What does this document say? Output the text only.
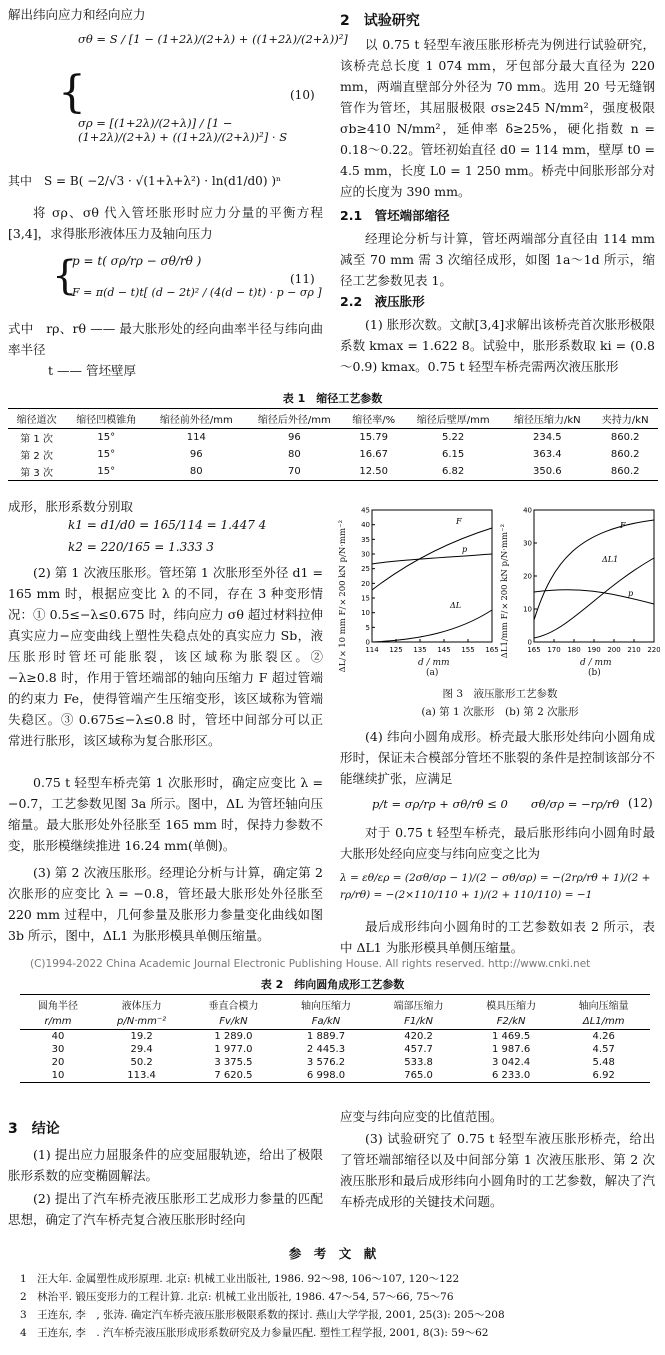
解出纬向应力和经向应力
{
σθ = S / [1 − (1+2λ)/(2+λ) + ((1+2λ)/(2+λ))²]
σρ = [(1+2λ)/(2+λ)] / [1 − (1+2λ)/(2+λ) + ((1+2λ)/(2+λ))²] · S
(10)
其中　S = B( −2/√3 · √(1+λ+λ²) · ln(d1/d0) )ⁿ
将 σρ、σθ 代入管坯胀形时应力分量的平衡方程[3,4]，求得胀形液体压力及轴向压力
{
p = t( σρ/rρ − σθ/rθ )
F = π(d − t)t[ (d − 2t)² / (4(d − t)t) · p − σρ ]
(11)
式中　rρ、rθ —— 最大胀形处的经向曲率半径与纬向曲率半径
t —— 管坯壁厚
2　试验研究
以 0.75 t 轻型车液压胀形桥壳为例进行试验研究，该桥壳总长度 1 074 mm，牙包部分最大直径为 220 mm，两端直壁部分外径为 70 mm。选用 20 号无缝钢管作为管坯，其屈服极限 σs≥245 N/mm²，强度极限 σb≥410 N/mm²，延伸率 δ≥25%，硬化指数 n = 0.18～0.22。管坯初始直径 d0 = 114 mm，壁厚 t0 = 4.5 mm，长度 L0 = 1 250 mm。桥壳中间胀形部分对应的长度为 390 mm。
2.1　管坯端部缩径
经理论分析与计算，管坯两端部分直径由 114 mm 减至 70 mm 需 3 次缩径成形，如图 1a～1d 所示，缩径工艺参数见表 1。
2.2　液压胀形
(1) 胀形次数。文献[3,4]求解出该桥壳首次胀形极限系数 kmax = 1.622 8。试验中，胀形系数取 ki = (0.8～0.9) kmax。0.75 t 轻型车桥壳需两次液压胀形
表 1　缩径工艺参数
缩径道次	缩径凹模锥角	缩径前外径/mm	缩径后外径/mm	缩径率/%	缩径后壁厚/mm	缩径压缩力/kN	夹持力/kN
第 1 次	15°	114	96	15.79	5.22	234.5	860.2
第 2 次	15°	96	80	16.67	6.15	363.4	860.2
第 3 次	15°	80	70	12.50	6.82	350.6	860.2
成形，胀形系数分别取
k1 = d1/d0 = 165/114 = 1.447 4
k2 = 220/165 = 1.333 3
(2) 第 1 次液压胀形。管坯第 1 次胀形至外径 d1 = 165 mm 时，根据应变比 λ 的不同，存在 3 种变形情况：① 0.5≤−λ≤0.675 时，纬向应力 σθ 超过材料拉伸真实应力−应变曲线上塑性失稳点处的真实应力 Sb，液压胀形时管坯可能胀裂，该区域称为胀裂区。② −λ≥0.8 时，作用于管坯端部的轴向压缩力 F 超过管端的约束力 Fe，使得管端产生压缩变形，该区域称为管端失稳区。③ 0.675≤−λ≤0.8 时，管坯中间部分可以正常进行胀形，该区域称为复合胀形区。
0.75 t 轻型车桥壳第 1 次胀形时，确定应变比 λ = −0.7，工艺参数见图 3a 所示。图中，ΔL 为管坯轴向压缩量。最大胀形处外径胀至 165 mm 时，保持力参数不变，胀形模继续推进 16.24 mm(单侧)。
(3) 第 2 次液压胀形。经理论分析与计算，确定第 2 次胀形的应变比 λ = −0.8，管坯最大胀形处外径胀至 220 mm 过程中，几何参量及胀形力参量变化曲线如图 3b 所示，图中，ΔL1 为胀形模具单侧压缩量。
114 125 135 145 155 165
0
5
10
15
20
25
30
35
40
45
F
p
ΔL
165 170 180 190 200 210 220
0
10
20
30
40
F
ΔL1
p
ΔL/×10 mm F/×200 kN p/N·mm⁻²	ΔL1/mm F/×200 kN p/N·mm⁻²
d / mm	d / mm
(a)	(b)
图 3　液压胀形工艺参数
(a) 第 1 次胀形　(b) 第 2 次胀形
(4) 纬向小圆角成形。桥壳最大胀形处纬向小圆角成形时，保证未合模部分管坯不胀裂的条件是控制该部分不能继续扩张，应满足
p/t = σρ/rρ + σθ/rθ ≤ 0　　σθ/σρ = −rρ/rθ (12)
对于 0.75 t 轻型车桥壳，最后胀形纬向小圆角时最大胀形处经向应变与纬向应变之比为
λ = εθ/ερ = (2σθ/σρ − 1)/(2 − σθ/σρ) = −(2rρ/rθ + 1)/(2 + rρ/rθ) = −(2×110/110 + 1)/(2 + 110/110) = −1
最后成形纬向小圆角时的工艺参数如表 2 所示，表中 ΔL1 为胀形模具单侧压缩量。
(C)1994-2022 China Academic Journal Electronic Publishing House. All rights reserved. http://www.cnki.net
表 2　纬向圆角成形工艺参数
圆角半径	液体压力	垂直合模力	轴向压缩力	端部压缩力	模具压缩力	轴向压缩量
r/mm	p/N·mm⁻²	Fv/kN	Fa/kN	F1/kN	F2/kN	ΔL1/mm
40	19.2	1 289.0	1 889.7	420.2	1 469.5	4.26
30	29.4	1 977.0	2 445.3	457.7	1 987.6	4.57
20	50.2	3 375.5	3 576.2	533.8	3 042.4	5.48
10	113.4	7 620.5	6 998.0	765.0	6 233.0	6.92
3　结论
(1) 提出应力屈服条件的应变屈服轨迹，给出了极限胀形系数的应变椭圆解法。
(2) 提出了汽车桥壳液压胀形工艺成形力参量的匹配思想，确定了汽车桥壳复合液压胀形时经向
应变与纬向应变的比值范围。
(3) 试验研究了 0.75 t 轻型车液压胀形桥壳，给出了管坯端部缩径以及中间部分第 1 次液压胀形、第 2 次液压胀形和最后成形纬向小圆角时的工艺参数，解决了汽车桥壳成形的关键技术问题。
参　考　文　献
1　汪大年. 金属塑性成形原理. 北京: 机械工业出版社, 1986. 92～98, 106～107, 120～122
2　林治平. 锻压变形力的工程计算. 北京: 机械工业出版社, 1986. 47～54, 57～66, 75～76
3　王连东, 李　, 张涛. 确定汽车桥壳液压胀形极限系数的探讨. 燕山大学学报, 2001, 25(3): 205～208
4　王连东, 李　. 汽车桥壳液压胀形成形系数研究及力参量匹配. 塑性工程学报, 2001, 8(3): 59～62
